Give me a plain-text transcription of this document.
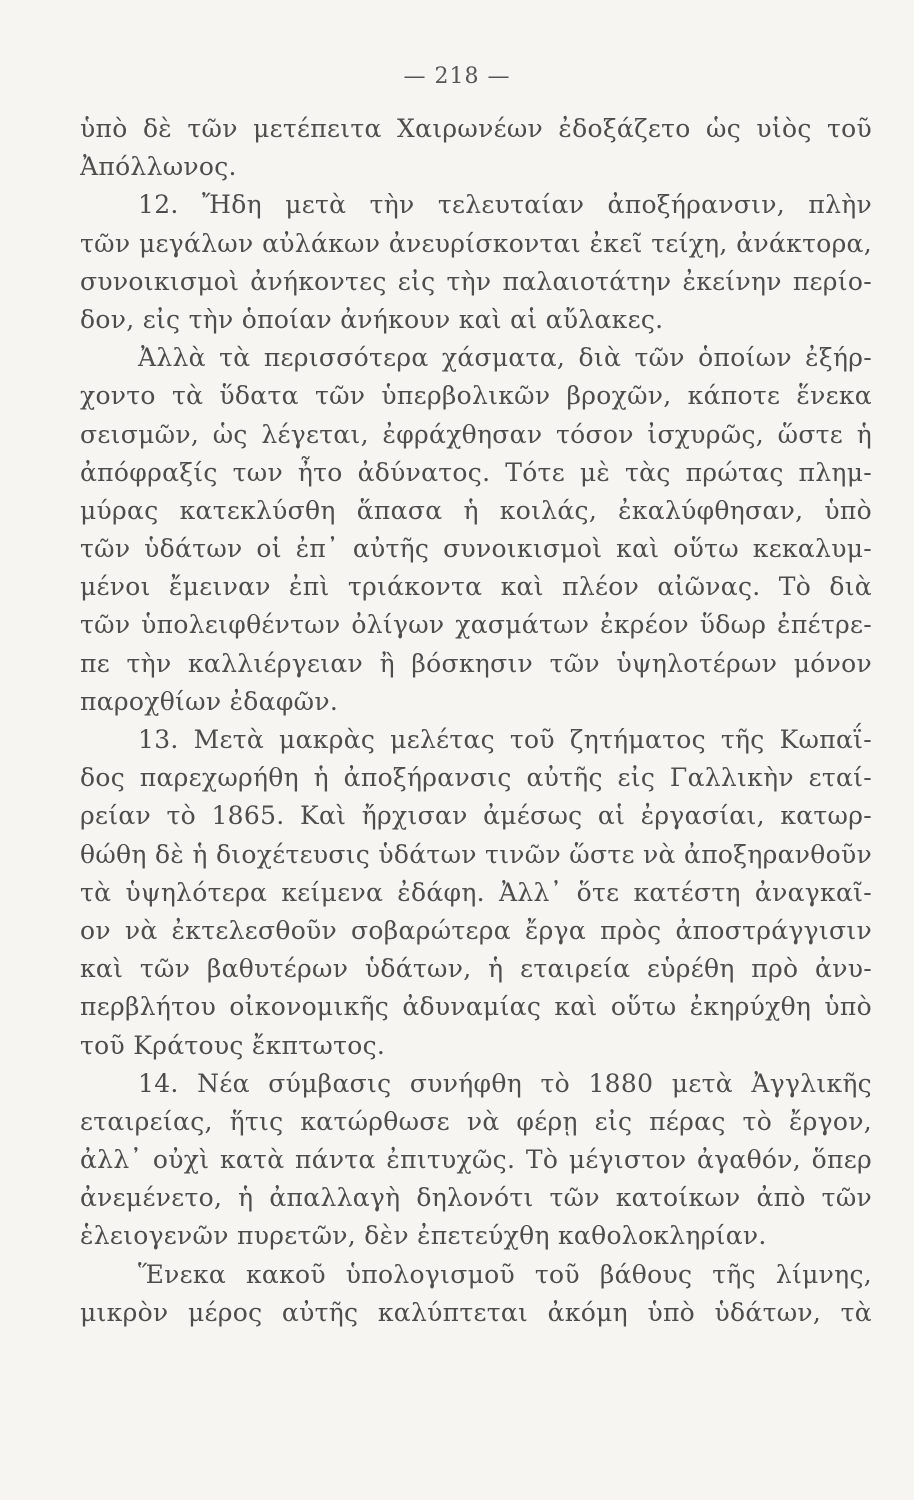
— 218 —
ὑπὸ δὲ τῶν μετέπειτα Χαιρωνέων ἐδοξάζετο ὡς υἱὸς τοῦ
Ἀπόλλωνος.
12. Ἤδη μετὰ τὴν τελευταίαν ἀποξήρανσιν, πλὴν
τῶν μεγάλων αὐλάκων ἀνευρίσκονται ἐκεῖ τείχη, ἀνάκτορα,
συνοικισμοὶ ἀνήκοντες εἰς τὴν παλαιοτάτην ἐκείνην περίο-
δον, εἰς τὴν ὁποίαν ἀνήκουν καὶ αἱ αὔλακες.
Ἀλλὰ τὰ περισσότερα χάσματα, διὰ τῶν ὁποίων ἐξήρ-
χοντο τὰ ὕδατα τῶν ὑπερβολικῶν βροχῶν, κάποτε ἕνεκα
σεισμῶν, ὡς λέγεται, ἐφράχθησαν τόσον ἰσχυρῶς, ὥστε ἡ
ἀπόφραξίς των ἦτο ἀδύνατος. Τότε μὲ τὰς πρώτας πλημ-
μύρας κατεκλύσθη ἅπασα ἡ κοιλάς, ἐκαλύφθησαν, ὑπὸ
τῶν ὑδάτων οἱ ἐπ᾽ αὐτῆς συνοικισμοὶ καὶ οὕτω κεκαλυμ-
μένοι ἔμειναν ἐπὶ τριάκοντα καὶ πλέον αἰῶνας. Τὸ διὰ
τῶν ὑπολειφθέντων ὀλίγων χασμάτων ἐκρέον ὕδωρ ἐπέτρε-
πε τὴν καλλιέργειαν ἢ βόσκησιν τῶν ὑψηλοτέρων μόνον
παροχθίων ἐδαφῶν.
13. Μετὰ μακρὰς μελέτας τοῦ ζητήματος τῆς Κωπαΐ-
δος παρεχωρήθη ἡ ἀποξήρανσις αὐτῆς εἰς Γαλλικὴν εταί-
ρείαν τὸ 1865. Καὶ ἤρχισαν ἀμέσως αἱ ἐργασίαι, κατωρ-
θώθη δὲ ἡ διοχέτευσις ὑδάτων τινῶν ὥστε νὰ ἀποξηρανθοῦν
τὰ ὑψηλότερα κείμενα ἐδάφη. Ἀλλ᾽ ὅτε κατέστη ἀναγκαῖ-
ον νὰ ἐκτελεσθοῦν σοβαρώτερα ἔργα πρὸς ἀποστράγγισιν
καὶ τῶν βαθυτέρων ὑδάτων, ἡ εταιρεία εὑρέθη πρὸ ἀνυ-
περβλήτου οἰκονομικῆς ἀδυναμίας καὶ οὕτω ἐκηρύχθη ὑπὸ
τοῦ Κράτους ἔκπτωτος.
14. Νέα σύμβασις συνήφθη τὸ 1880 μετὰ Ἀγγλικῆς
εταιρείας, ἥτις κατώρθωσε νὰ φέρῃ εἰς πέρας τὸ ἔργον,
ἀλλ᾽ οὐχὶ κατὰ πάντα ἐπιτυχῶς. Τὸ μέγιστον ἀγαθόν, ὅπερ
ἀνεμένετο, ἡ ἀπαλλαγὴ δηλονότι τῶν κατοίκων ἀπὸ τῶν
ἑλειογενῶν πυρετῶν, δὲν ἐπετεύχθη καθολοκληρίαν.
Ἕνεκα κακοῦ ὑπολογισμοῦ τοῦ βάθους τῆς λίμνης,
μικρὸν μέρος αὐτῆς καλύπτεται ἀκόμη ὑπὸ ὑδάτων, τὰ
